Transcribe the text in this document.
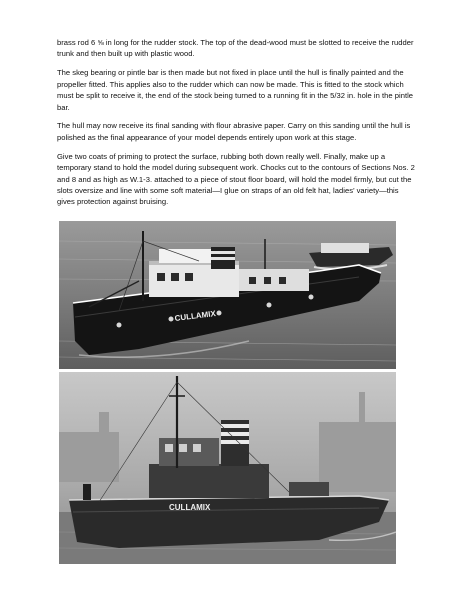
brass rod 6 ⅝ in long for the rudder stock. The top of the dead-wood must be slotted to receive the rudder trunk and then built up with plastic wood.

The skeg bearing or pintle bar is then made but not fixed in place until the hull is finally painted and the propeller fitted. This applies also to the rudder which can now be made. This is fitted to the stock which must be split to receive it, the end of the stock being turned to a running fit in the 5/32 in. hole in the pintle bar.

The hull may now receive its final sanding with flour abrasive paper. Carry on this sanding until the hull is polished as the final appearance of your model depends entirely upon work at this stage.

Give two coats of priming to protect the surface, rubbing both down really well. Finally, make up a temporary stand to hold the model during subsequent work. Chocks cut to the contours of Sections Nos. 2 and 8 and as high as W.1-3. attached to a piece of stout floor board, will hold the model firmly, but cut the slots oversize and line with some soft material—I glue on straps of an old felt hat, ladies’ variety—this gives protection against bruising.

CULLAMIX
CULLAMIX
